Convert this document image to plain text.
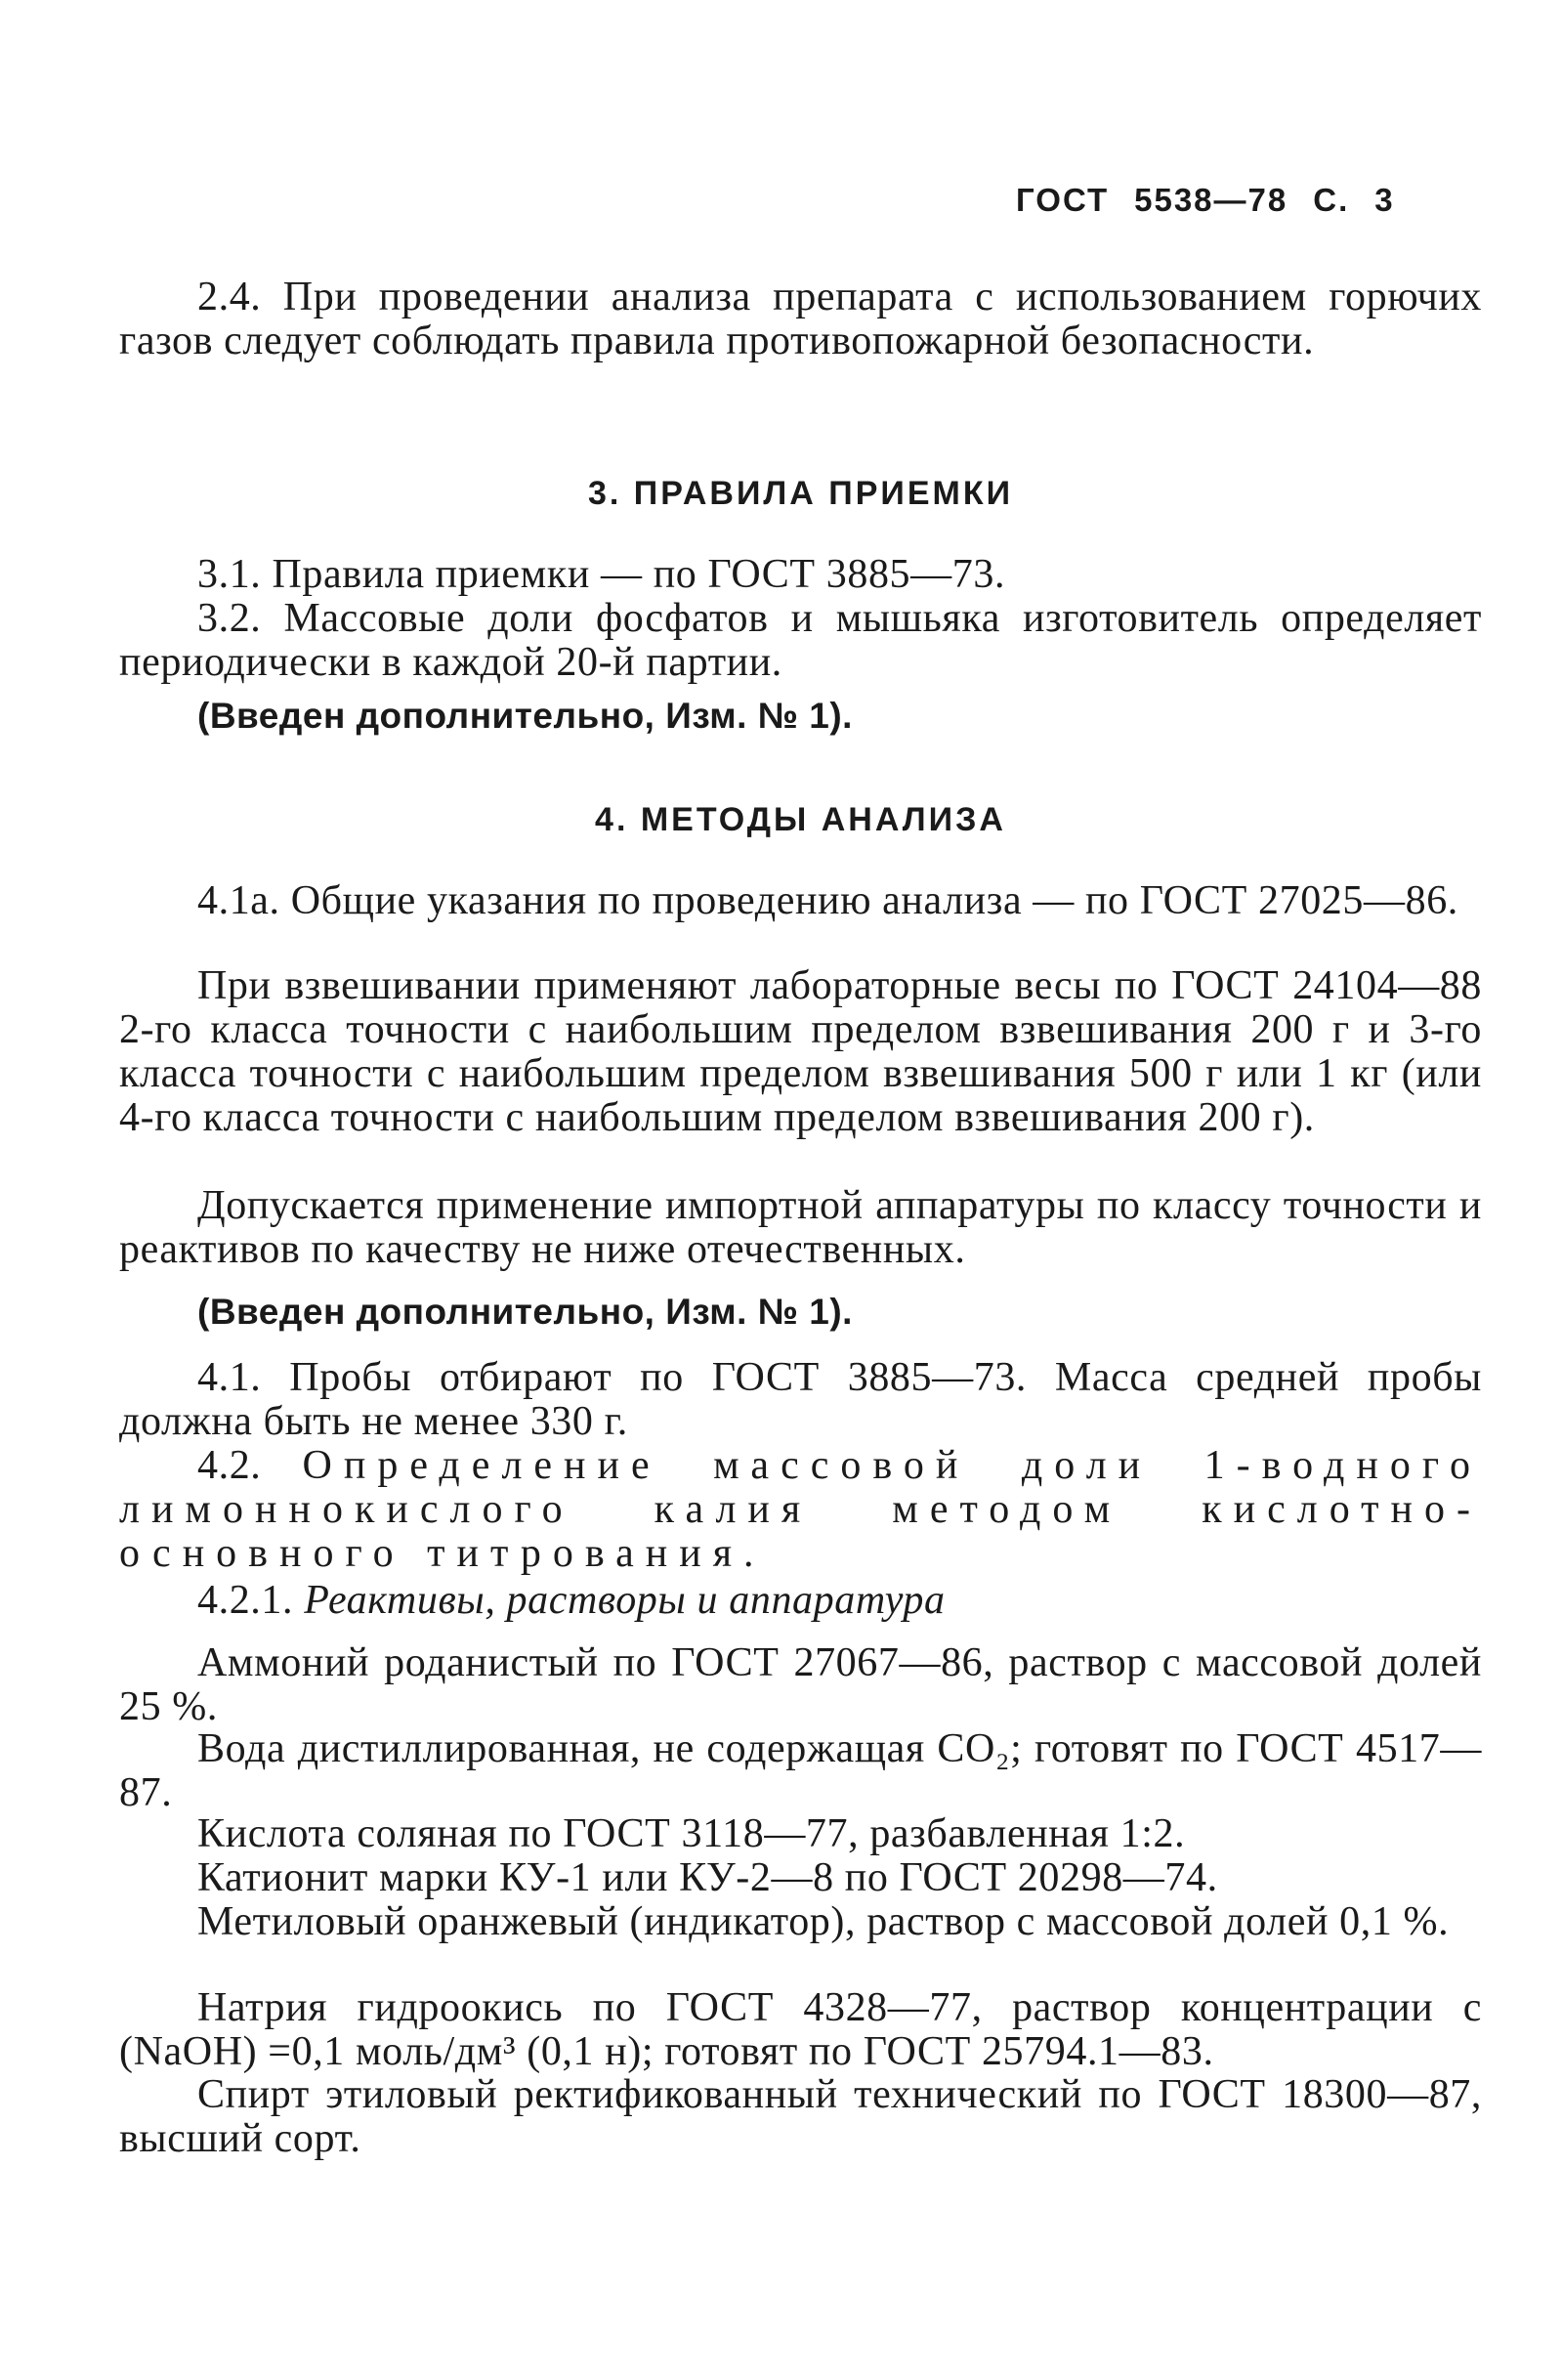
ГОСТ 5538—78 С. 3
2.4. При проведении анализа препарата с использованием горючих газов следует соблюдать правила противопожарной безопасности.
3. ПРАВИЛА ПРИЕМКИ
3.1. Правила приемки — по ГОСТ 3885—73.
3.2. Массовые доли фосфатов и мышьяка изготовитель определяет периодически в каждой 20-й партии.
(Введен дополнительно, Изм. № 1).
4. МЕТОДЫ АНАЛИЗА
4.1а. Общие указания по проведению анализа — по ГОСТ 27025—86.
При взвешивании применяют лабораторные весы по ГОСТ 24104—88 2-го класса точности с наибольшим пределом взвешивания 200 г и 3-го класса точности с наибольшим пределом взвешивания 500 г или 1 кг (или 4-го класса точности с наибольшим пределом взвешивания 200 г).
Допускается применение импортной аппаратуры по классу точности и реактивов по качеству не ниже отечественных.
(Введен дополнительно, Изм. № 1).
4.1. Пробы отбирают по ГОСТ 3885—73. Масса средней пробы должна быть не менее 330 г.
4.2. Определение массовой доли 1-водного лимоннокислого калия методом кислотно-основного титрования.
4.2.1. Реактивы, растворы и аппаратура
Аммоний роданистый по ГОСТ 27067—86, раствор с массовой долей 25 %.
Вода дистиллированная, не содержащая CO₂; готовят по ГОСТ 4517—87.
Кислота соляная по ГОСТ 3118—77, разбавленная 1:2.
Катионит марки КУ-1 или КУ-2—8 по ГОСТ 20298—74.
Метиловый оранжевый (индикатор), раствор с массовой долей 0,1 %.
Натрия гидроокись по ГОСТ 4328—77, раствор концентрации с (NaOH) =0,1 моль/дм³ (0,1 н); готовят по ГОСТ 25794.1—83.
Спирт этиловый ректификованный технический по ГОСТ 18300—87, высший сорт.
